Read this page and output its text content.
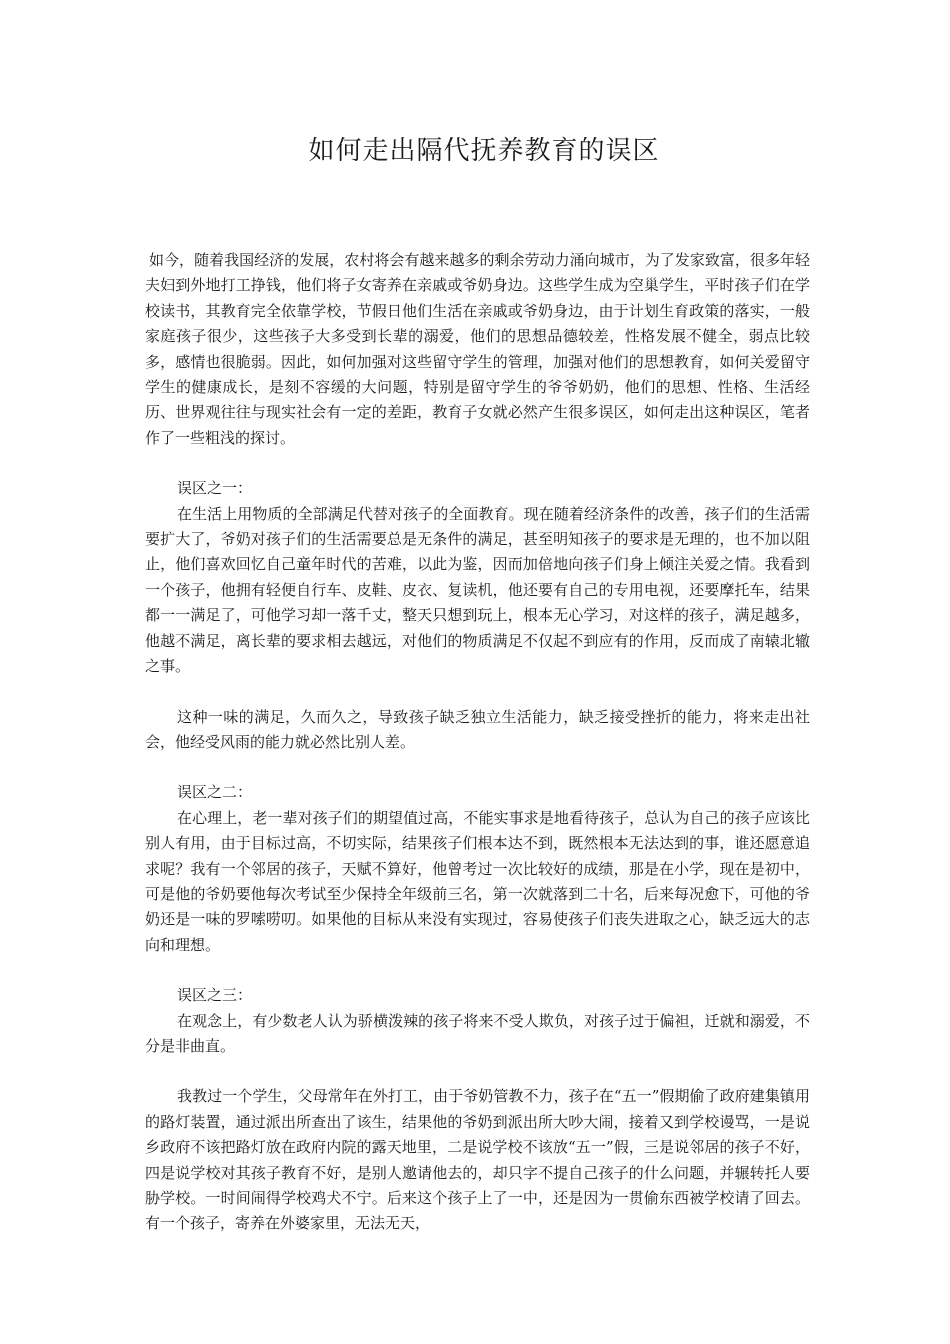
如何走出隔代抚养教育的误区

如今，随着我国经济的发展，农村将会有越来越多的剩余劳动力涌向城市，为了发家致富，很多年轻夫妇到外地打工挣钱，他们将子女寄养在亲戚或爷奶身边。这些学生成为空巢学生，平时孩子们在学校读书，其教育完全依靠学校，节假日他们生活在亲戚或爷奶身边，由于计划生育政策的落实，一般家庭孩子很少，这些孩子大多受到长辈的溺爱，他们的思想品德较差，性格发展不健全，弱点比较多，感情也很脆弱。因此，如何加强对这些留守学生的管理，加强对他们的思想教育，如何关爱留守学生的健康成长，是刻不容缓的大问题，特别是留守学生的爷爷奶奶，他们的思想、性格、生活经历、世界观往往与现实社会有一定的差距，教育子女就必然产生很多误区，如何走出这种误区，笔者作了一些粗浅的探讨。

误区之一：

在生活上用物质的全部满足代替对孩子的全面教育。现在随着经济条件的改善，孩子们的生活需要扩大了，爷奶对孩子们的生活需要总是无条件的满足，甚至明知孩子的要求是无理的，也不加以阻止，他们喜欢回忆自己童年时代的苦难，以此为鉴，因而加倍地向孩子们身上倾注关爱之情。我看到一个孩子，他拥有轻便自行车、皮鞋、皮衣、复读机，他还要有自己的专用电视，还要摩托车，结果都一一满足了，可他学习却一落千丈，整天只想到玩上，根本无心学习，对这样的孩子，满足越多，他越不满足，离长辈的要求相去越远，对他们的物质满足不仅起不到应有的作用，反而成了南辕北辙之事。

这种一味的满足，久而久之，导致孩子缺乏独立生活能力，缺乏接受挫折的能力，将来走出社会，他经受风雨的能力就必然比别人差。

误区之二：

在心理上，老一辈对孩子们的期望值过高，不能实事求是地看待孩子，总认为自己的孩子应该比别人有用，由于目标过高，不切实际，结果孩子们根本达不到，既然根本无法达到的事，谁还愿意追求呢？我有一个邻居的孩子，天赋不算好，他曾考过一次比较好的成绩，那是在小学，现在是初中，可是他的爷奶要他每次考试至少保持全年级前三名，第一次就落到二十名，后来每况愈下，可他的爷奶还是一味的罗嗦唠叨。如果他的目标从来没有实现过，容易使孩子们丧失进取之心，缺乏远大的志向和理想。

误区之三：

在观念上，有少数老人认为骄横泼辣的孩子将来不受人欺负，对孩子过于偏袒，迁就和溺爱，不分是非曲直。

我教过一个学生，父母常年在外打工，由于爷奶管教不力，孩子在“五一”假期偷了政府建集镇用的路灯装置，通过派出所查出了该生，结果他的爷奶到派出所大吵大闹，接着又到学校谩骂，一是说乡政府不该把路灯放在政府内院的露天地里，二是说学校不该放“五一”假，三是说邻居的孩子不好，四是说学校对其孩子教育不好，是别人邀请他去的，却只字不提自己孩子的什么问题，并辗转托人要胁学校。一时间闹得学校鸡犬不宁。后来这个孩子上了一中，还是因为一贯偷东西被学校请了回去。有一个孩子，寄养在外婆家里，无法无天，
